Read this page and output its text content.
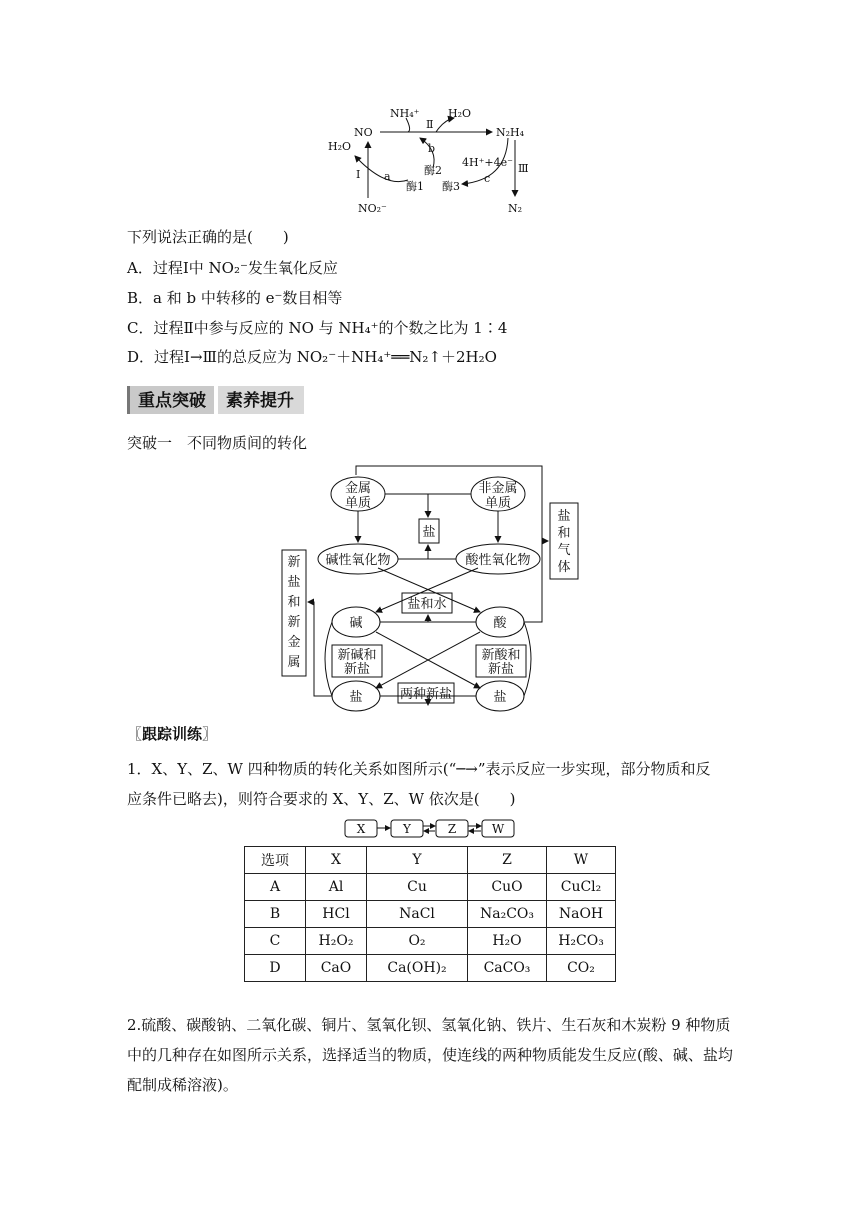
NO
NH₄⁺
Ⅱ
H₂O
N₂H₄
H₂O	b
4H⁺+4e⁻ Ⅲ
酶2
Ⅰ a	c
酶1 酶3
NO₂⁻	N₂
下列说法正确的是(　　)
A．过程Ⅰ中 NO₂⁻发生氧化反应
B．a 和 b 中转移的 e⁻数目相等
C．过程Ⅱ中参与反应的 NO 与 NH₄⁺的个数之比为 1∶4
D．过程Ⅰ→Ⅲ的总反应为 NO₂⁻＋NH₄⁺══N₂↑＋2H₂O
重点突破	素养提升
突破一　不同物质间的转化
金属
单质
非金属
单质
盐
盐
和
气
体
新
盐
和
新
金
属
碱性氧化物	酸性氧化物
盐和水
碱	酸
新碱和
新盐
新酸和
新盐
盐	盐
两种新盐
〖跟踪训练〗
1．X、Y、Z、W 四种物质的转化关系如图所示(“─→”表示反应一步实现，部分物质和反
应条件已略去)，则符合要求的 X、Y、Z、W 依次是(　　)
X	Y	Z	W
选项	X	Y	Z	W
A	Al	Cu	CuO	CuCl₂
B	HCl	NaCl	Na₂CO₃	NaOH
C	H₂O₂	O₂	H₂O	H₂CO₃
D	CaO	Ca(OH)₂	CaCO₃	CO₂
2.硫酸、碳酸钠、二氧化碳、铜片、氢氧化钡、氢氧化钠、铁片、生石灰和木炭粉 9 种物质
中的几种存在如图所示关系，选择适当的物质，使连线的两种物质能发生反应(酸、碱、盐均
配制成稀溶液)。
